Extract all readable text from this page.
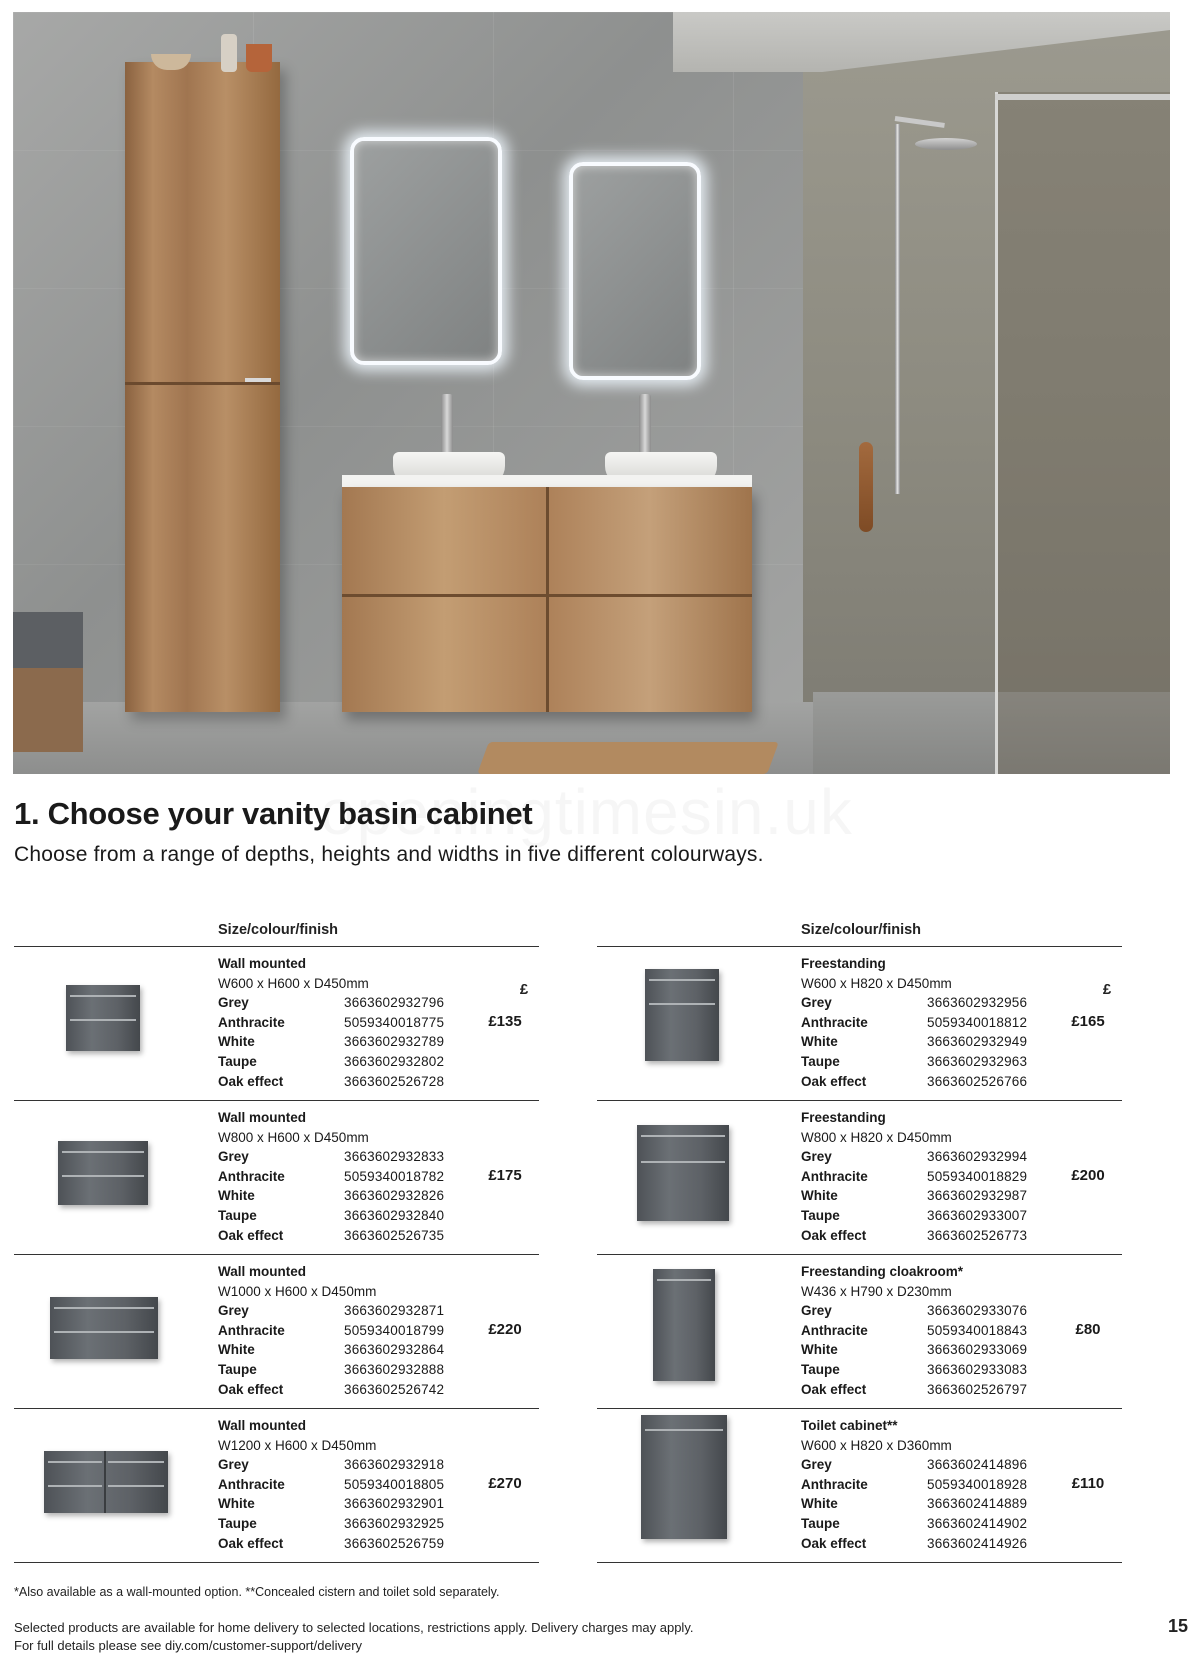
1. Choose your vanity basin cabinet

Choose from a range of depths, heights and widths in five different colourways.

Size/colour/finish
£
Wall mounted
W600 x H600 x D450mm
Grey	3663602932796
Anthracite	5059340018775
White	3663602932789
Taupe	3663602932802
Oak effect	3663602526728
£135
Wall mounted
W800 x H600 x D450mm
Grey	3663602932833
Anthracite	5059340018782
White	3663602932826
Taupe	3663602932840
Oak effect	3663602526735
£175
Wall mounted
W1000 x H600 x D450mm
Grey	3663602932871
Anthracite	5059340018799
White	3663602932864
Taupe	3663602932888
Oak effect	3663602526742
£220
Wall mounted
W1200 x H600 x D450mm
Grey	3663602932918
Anthracite	5059340018805
White	3663602932901
Taupe	3663602932925
Oak effect	3663602526759
£270
Size/colour/finish
£
Freestanding
W600 x H820 x D450mm
Grey	3663602932956
Anthracite	5059340018812
White	3663602932949
Taupe	3663602932963
Oak effect	3663602526766
£165
Freestanding
W800 x H820 x D450mm
Grey	3663602932994
Anthracite	5059340018829
White	3663602932987
Taupe	3663602933007
Oak effect	3663602526773
£200
Freestanding cloakroom*
W436 x H790 x D230mm
Grey	3663602933076
Anthracite	5059340018843
White	3663602933069
Taupe	3663602933083
Oak effect	3663602526797
£80
Toilet cabinet**
W600 x H820 x D360mm
Grey	3663602414896
Anthracite	5059340018928
White	3663602414889
Taupe	3663602414902
Oak effect	3663602414926
£110

*Also available as a wall-mounted option. **Concealed cistern and toilet sold separately.

Selected products are available for home delivery to selected locations, restrictions apply. Delivery charges may apply.

For full details please see diy.com/customer-support/delivery

15
